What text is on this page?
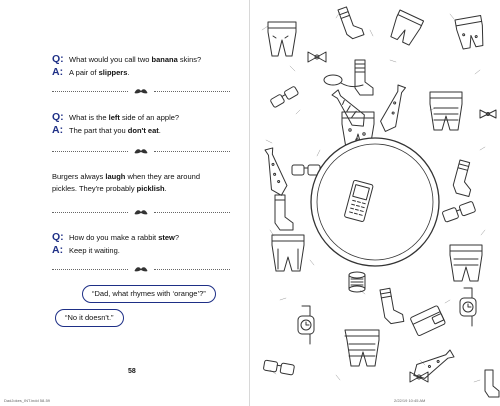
Q: What would you call two banana skins?
A: A pair of slippers.
Q: What is the left side of an apple?
A: The part that you don't eat.
Burgers always laugh when they are around
pickles. They're probably picklish.
Q: How do you make a rabbit stew?
A: Keep it waiting.
“Dad, what rhymes with ‘orange’?”
“No it doesn't.”
58
DadJokes_INT.indd 58-59	2/22/19 10:45 AM
